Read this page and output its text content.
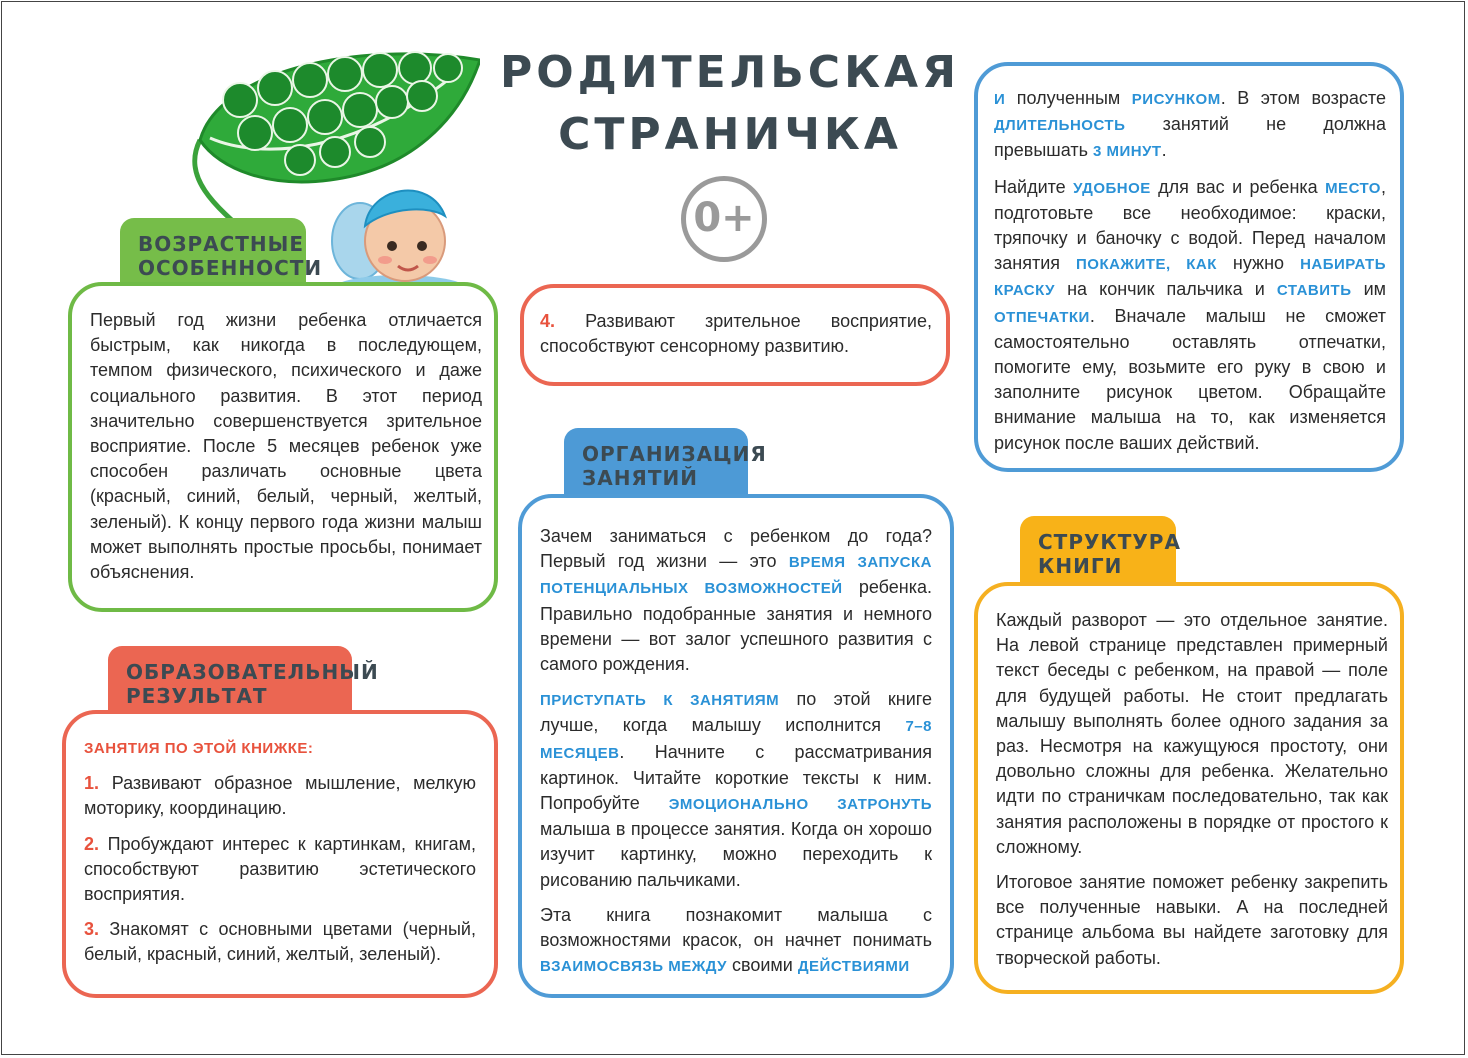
РОДИТЕЛЬСКАЯ
СТРАНИЧКА
0+
ВОЗРАСТНЫЕ
ОСОБЕННОСТИ
Первый год жизни ребенка отличается быстрым, как никогда в последующем, темпом физического, психического и даже социального развития. В этот период значительно совершенствуется зрительное восприятие. После 5 месяцев ребенок уже способен различать основные цвета (красный, синий, белый, черный, желтый, зеленый). К концу первого года жизни малыш может выполнять простые просьбы, понимает объяснения.
ОБРАЗОВАТЕЛЬНЫЙ
РЕЗУЛЬТАТ

ЗАНЯТИЯ ПО ЭТОЙ КНИЖКЕ:

1. Развивают образное мышление, мелкую моторику, координацию.

2. Пробуждают интерес к картинкам, книгам, способствуют развитию эстетического восприятия.

3. Знакомят с основными цветами (черный, белый, красный, синий, желтый, зеленый).

4. Развивают зрительное восприятие, способствуют сенсорному развитию.
ОРГАНИЗАЦИЯ
ЗАНЯТИЙ

Зачем заниматься с ребенком до года? Первый год жизни — это ВРЕМЯ ЗАПУСКА ПОТЕНЦИАЛЬНЫХ ВОЗМОЖНОСТЕЙ ребенка. Правильно подобранные занятия и немного времени — вот залог успешного развития с самого рождения.

ПРИСТУПАТЬ К ЗАНЯТИЯМ по этой книге лучше, когда малышу исполнится 7–8 МЕСЯЦЕВ. Начните с рассматривания картинок. Читайте короткие тексты к ним. Попробуйте ЭМОЦИОНАЛЬНО ЗАТРОНУТЬ малыша в процессе занятия. Когда он хорошо изучит картинку, можно переходить к рисованию пальчиками.

Эта книга познакомит малыша с возможностями красок, он начнет понимать ВЗАИМОСВЯЗЬ МЕЖДУ своими ДЕЙСТВИЯМИ

И полученным РИСУНКОМ. В этом возрасте ДЛИТЕЛЬНОСТЬ занятий не должна превышать 3 МИНУТ.

Найдите УДОБНОЕ для вас и ребенка МЕСТО, подготовьте все необходимое: краски, тряпочку и баночку с водой. Перед началом занятия ПОКАЖИТЕ, КАК нужно НАБИРАТЬ КРАСКУ на кончик пальчика и СТАВИТЬ им ОТПЕЧАТКИ. Вначале малыш не сможет самостоятельно оставлять отпечатки, помогите ему, возьмите его руку в свою и заполните рисунок цветом. Обращайте внимание малыша на то, как изменяется рисунок после ваших действий.

СТРУКТУРА
КНИГИ

Каждый разворот — это отдельное занятие. На левой странице представлен примерный текст беседы с ребенком, на правой — поле для будущей работы. Не стоит предлагать малышу выполнять более одного задания за раз. Несмотря на кажущуюся простоту, они довольно сложны для ребенка. Желательно идти по страничкам последовательно, так как занятия расположены в порядке от простого к сложному.

Итоговое занятие поможет ребенку закрепить все полученные навыки. А на последней странице альбома вы найдете заготовку для творческой работы.
